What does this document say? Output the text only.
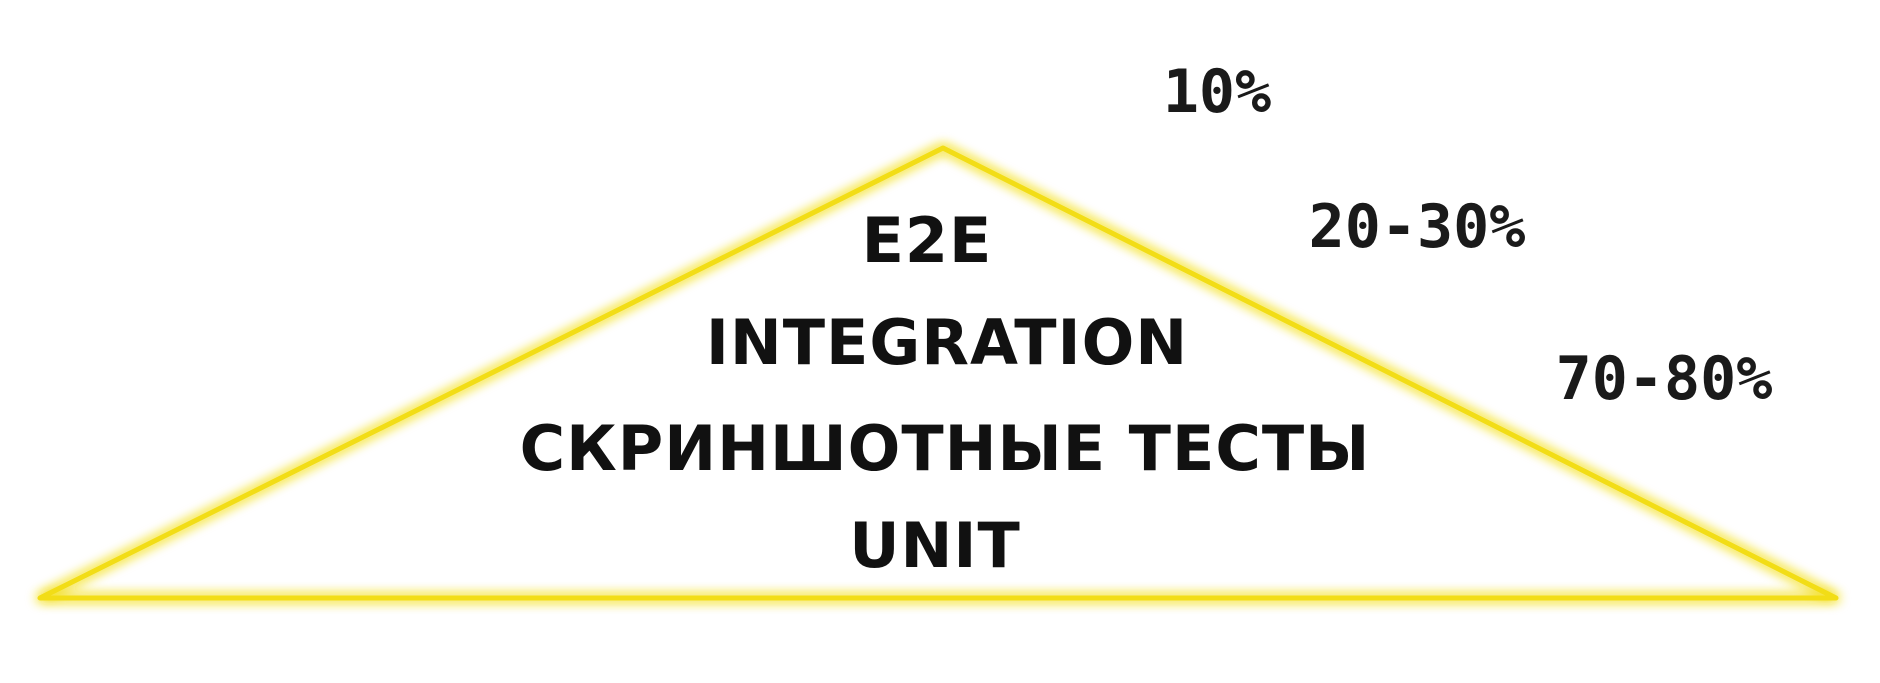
E2E
INTEGRATION
СКРИНШОТНЫЕ ТЕСТЫ
UNIT
10%
20-30%
70-80%
